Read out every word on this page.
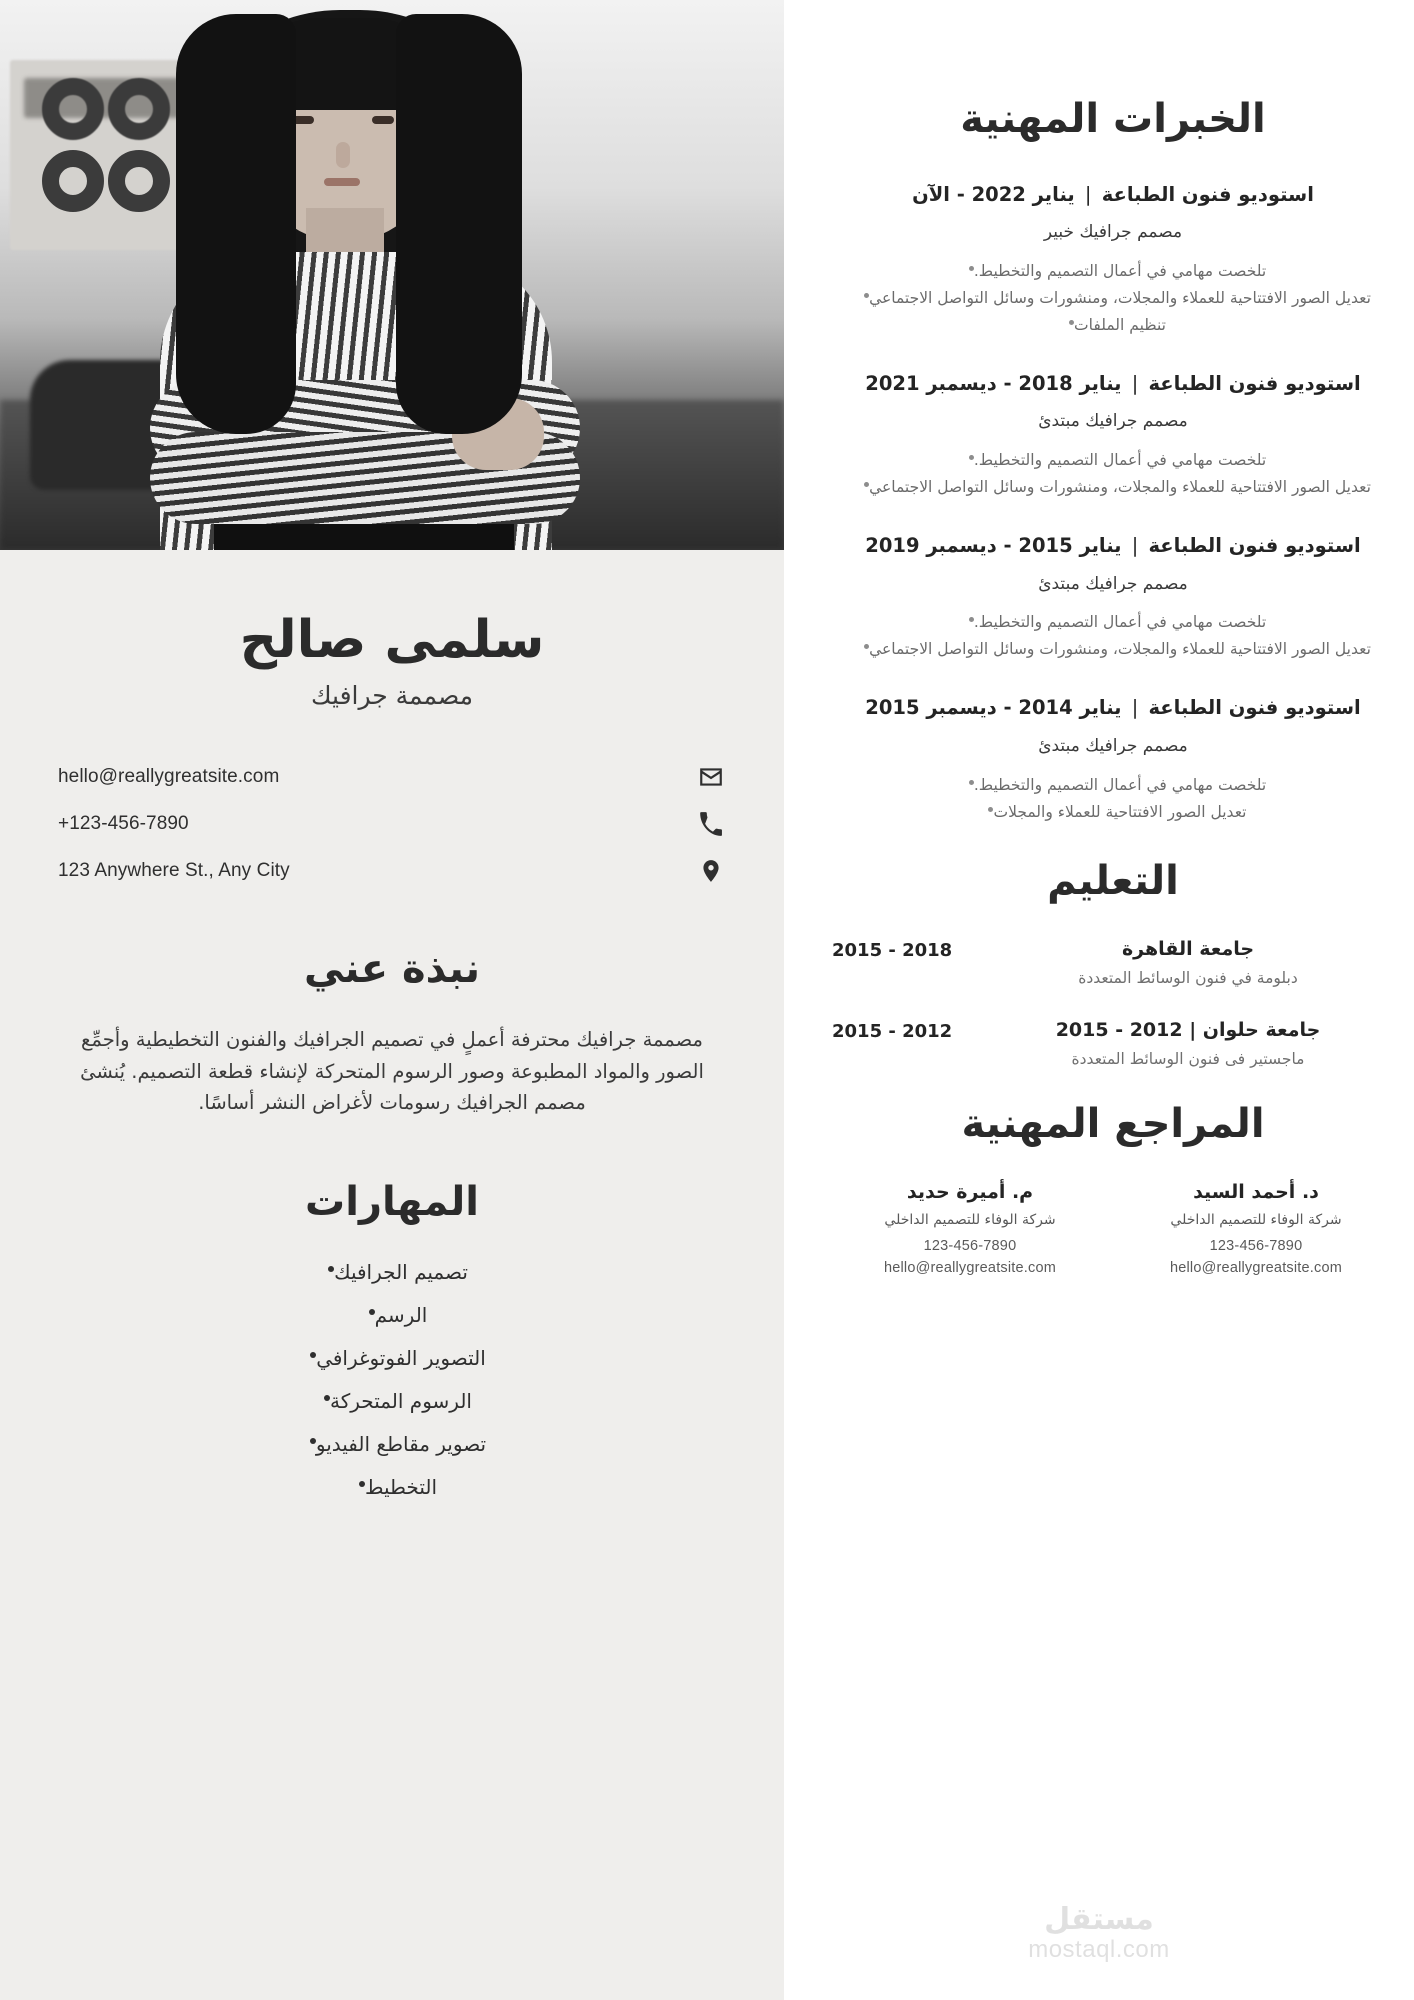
الخبرات المهنية
استوديو فنون الطباعة | يناير 2022 - الآن
مصمم جرافيك خبير
تلخصت مهامي في أعمال التصميم والتخطيط.
تعديل الصور الافتتاحية للعملاء والمجلات، ومنشورات وسائل التواصل الاجتماعي
تنظيم الملفات
استوديو فنون الطباعة | يناير 2018 - ديسمبر 2021
مصمم جرافيك مبتدئ
تلخصت مهامي في أعمال التصميم والتخطيط.
تعديل الصور الافتتاحية للعملاء والمجلات، ومنشورات وسائل التواصل الاجتماعي
استوديو فنون الطباعة | يناير 2015 - ديسمبر 2019
مصمم جرافيك مبتدئ
تلخصت مهامي في أعمال التصميم والتخطيط.
تعديل الصور الافتتاحية للعملاء والمجلات، ومنشورات وسائل التواصل الاجتماعي
استوديو فنون الطباعة | يناير 2014 - ديسمبر 2015
مصمم جرافيك مبتدئ
تلخصت مهامي في أعمال التصميم والتخطيط.
تعديل الصور الافتتاحية للعملاء والمجلات
التعليم
جامعة القاهرة
دبلومة في فنون الوسائط المتعددة
2015 - 2018
جامعة حلوان | 2012 - 2015
ماجستير فى فنون الوسائط المتعددة
2015 - 2012
المراجع المهنية
د. أحمد السيد
شركة الوفاء للتصميم الداخلي
123-456-7890
hello@reallygreatsite.com
م. أميرة حديد
شركة الوفاء للتصميم الداخلي
123-456-7890
hello@reallygreatsite.com
مستقل
mostaql.com
سلمى صالح
مصممة جرافيك
hello@reallygreatsite.com
+123-456-7890
123 Anywhere St., Any City
نبذة عني

مصممة جرافيك محترفة أعملٍ في تصميم الجرافيك والفنون التخطيطية وأجمِّع الصور والمواد المطبوعة وصور الرسوم المتحركة لإنشاء قطعة التصميم. يُنشئ مصمم الجرافيك رسومات لأغراض النشر أساسًا.

المهارات
تصميم الجرافيك
الرسم
التصوير الفوتوغرافي
الرسوم المتحركة
تصوير مقاطع الفيديو
التخطيط
